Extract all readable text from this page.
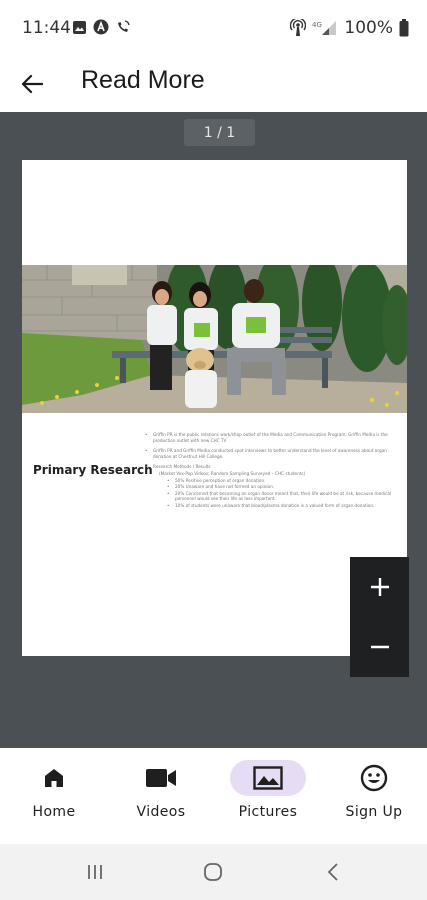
11:44	4G 100%
Read More
1 / 1
Primary Research

• Griffin PR is the public relations work/shop outlet of the Media and Communication Program; Griffin Media is the production outlet with new CHC TV

• Griffin PR and Griffin Media conducted spot interviews to better understand the level of awareness about organ donation at Chestnut Hill College.

• Research Methods / Results

(Market Vox-Pop Videos; Random Sampling Surveyed – CHC students)

• 50% Positive perception of organ donation.

• 20% Unaware and have not formed an opinion.

• 20% Concerned that becoming an organ donor meant that, their life would be at risk, because medical personnel would see their life as less important.

• 10% of students were unaware that blood/plasma donation is a valued form of organ donation.

Home	Videos	Pictures	Sign Up
